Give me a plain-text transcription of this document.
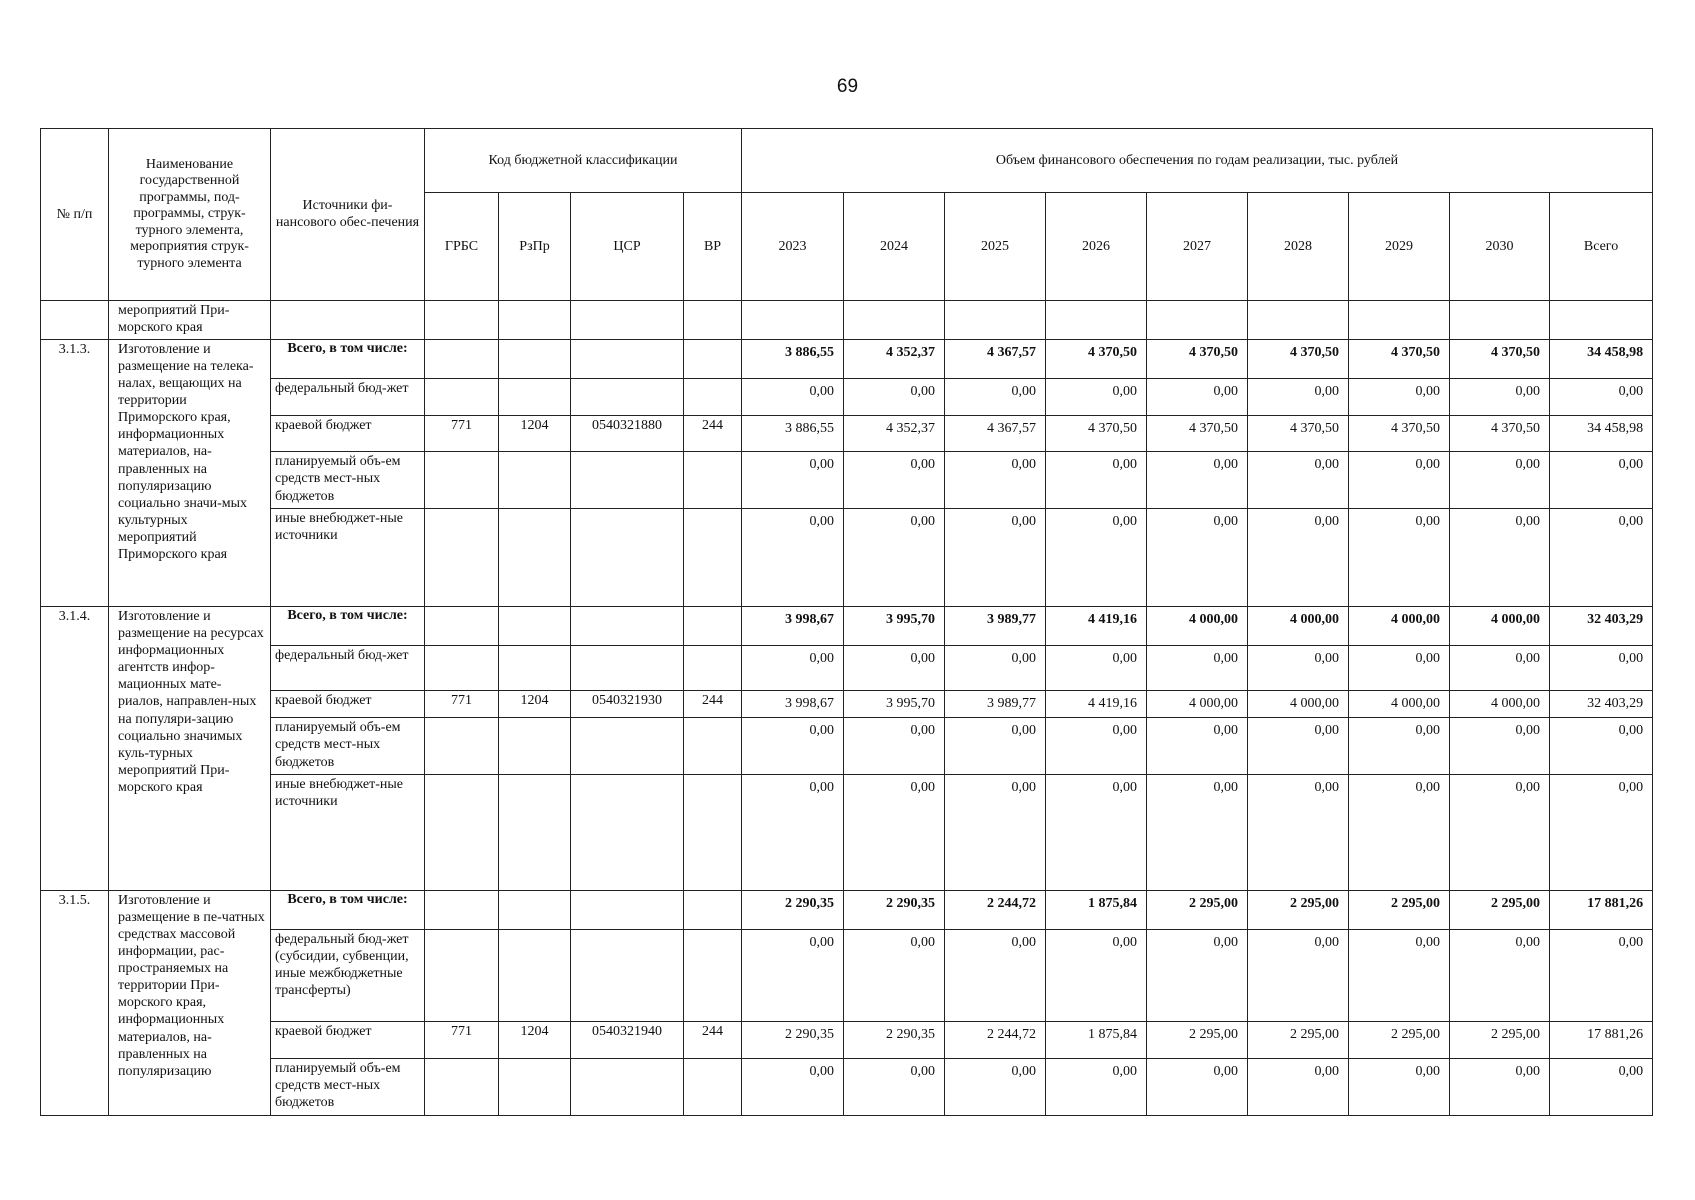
69
№ п/п	Наименование государственной программы, под-программы, струк-турного элемента, мероприятия струк-турного элемента	Источники фи-нансового обес-печения	Код бюджетной классификации				Объем финансового обеспечения по годам реализации, тыс. рублей								
			ГРБС	РзПр	ЦСР	ВР	2023	2024	2025	2026	2027	2028	2029	2030	Всего
	мероприятий При-морского края														
3.1.3.	Изготовление и размещение на телека-налах, вещающих на территории Приморского края, информационных материалов, на-правленных на популяризацию социально значи-мых культурных мероприятий Приморского края	Всего, в том числе:					3 886,55	4 352,37	4 367,57	4 370,50	4 370,50	4 370,50	4 370,50	4 370,50	34 458,98
		федеральный бюд-жет					0,00	0,00	0,00	0,00	0,00	0,00	0,00	0,00	0,00
		краевой бюджет	771	1204	0540321880	244	3 886,55	4 352,37	4 367,57	4 370,50	4 370,50	4 370,50	4 370,50	4 370,50	34 458,98
		планируемый объ-ем средств мест-ных бюджетов					0,00	0,00	0,00	0,00	0,00	0,00	0,00	0,00	0,00
		иные внебюджет-ные источники					0,00	0,00	0,00	0,00	0,00	0,00	0,00	0,00	0,00
3.1.4.	Изготовление и размещение на ресурсах информационных агентств инфор-мационных мате-риалов, направлен-ных на популяри-зацию социально значимых куль-турных мероприятий При-морского края	Всего, в том числе:					3 998,67	3 995,70	3 989,77	4 419,16	4 000,00	4 000,00	4 000,00	4 000,00	32 403,29
		федеральный бюд-жет					0,00	0,00	0,00	0,00	0,00	0,00	0,00	0,00	0,00
		краевой бюджет	771	1204	0540321930	244	3 998,67	3 995,70	3 989,77	4 419,16	4 000,00	4 000,00	4 000,00	4 000,00	32 403,29
		планируемый объ-ем средств мест-ных бюджетов					0,00	0,00	0,00	0,00	0,00	0,00	0,00	0,00	0,00
		иные внебюджет-ные источники					0,00	0,00	0,00	0,00	0,00	0,00	0,00	0,00	0,00
3.1.5.	Изготовление и размещение в пе-чатных средствах массовой информации, рас-пространяемых на территории При-морского края, информационных материалов, на-правленных на популяризацию	Всего, в том числе:					2 290,35	2 290,35	2 244,72	1 875,84	2 295,00	2 295,00	2 295,00	2 295,00	17 881,26
		федеральный бюд-жет (субсидии, субвенции, иные межбюджетные трансферты)					0,00	0,00	0,00	0,00	0,00	0,00	0,00	0,00	0,00
		краевой бюджет	771	1204	0540321940	244	2 290,35	2 290,35	2 244,72	1 875,84	2 295,00	2 295,00	2 295,00	2 295,00	17 881,26
		планируемый объ-ем средств мест-ных бюджетов					0,00	0,00	0,00	0,00	0,00	0,00	0,00	0,00	0,00
